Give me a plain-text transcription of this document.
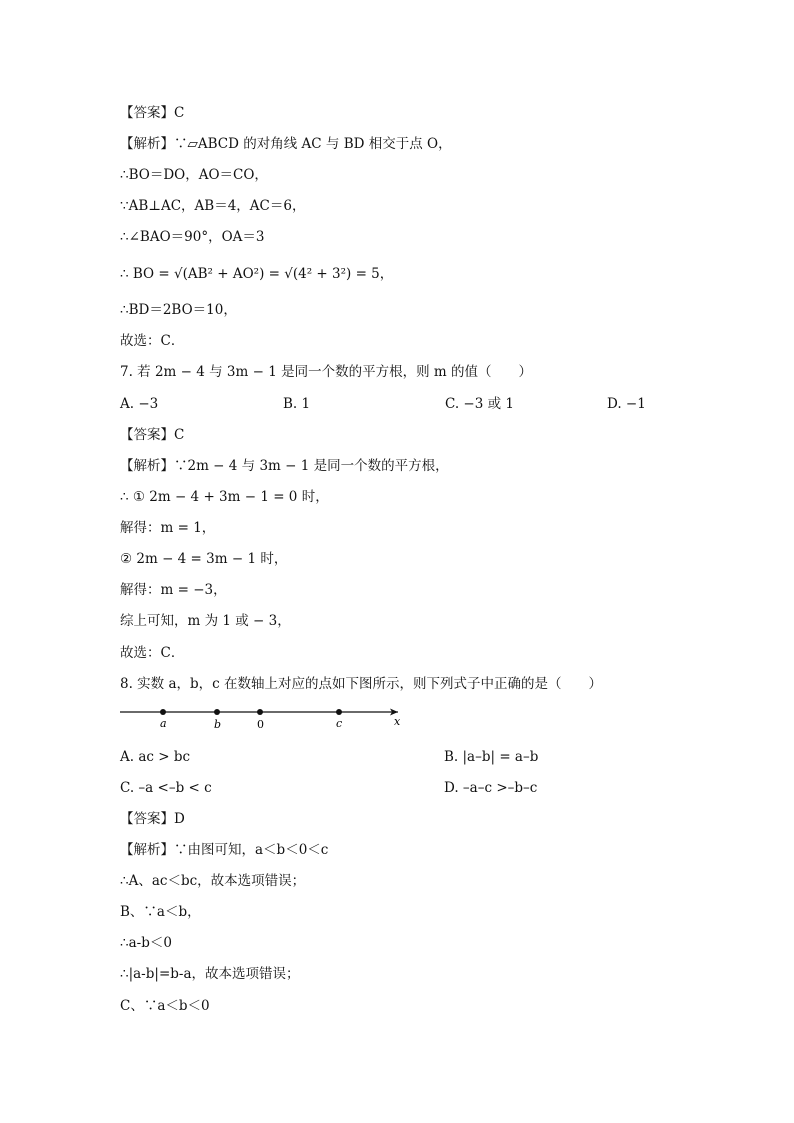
【答案】C
【解析】∵▱ABCD 的对角线 AC 与 BD 相交于点 O，
∴BO＝DO，AO＝CO，
∵AB⊥AC，AB＝4，AC＝6，
∴∠BAO＝90°，OA＝3
∴ BO = √(AB² + AO²) = √(4² + 3²) = 5，
∴BD＝2BO＝10，
故选：C．
7. 若 2m − 4 与 3m − 1 是同一个数的平方根，则 m 的值（　　）
A. −3	B. 1	C. −3 或 1	D. −1
【答案】C
【解析】∵2m − 4 与 3m − 1 是同一个数的平方根，
∴ ① 2m − 4 + 3m − 1 = 0 时，
解得：m = 1，
② 2m − 4 = 3m − 1 时，
解得：m = −3，
综上可知，m 为 1 或 − 3，
故选：C．
8. 实数 a，b，c 在数轴上对应的点如下图所示，则下列式子中正确的是（　　）
a	b	0	c	x
A. ac > bc	B. |a–b| = a–b
C. –a <–b < c	D. –a–c >–b–c
【答案】D
【解析】∵由图可知，a＜b＜0＜c
∴A、ac＜bc，故本选项错误；
B、∵a＜b，
∴a-b＜0
∴|a-b|=b-a，故本选项错误；
C、∵a＜b＜0
